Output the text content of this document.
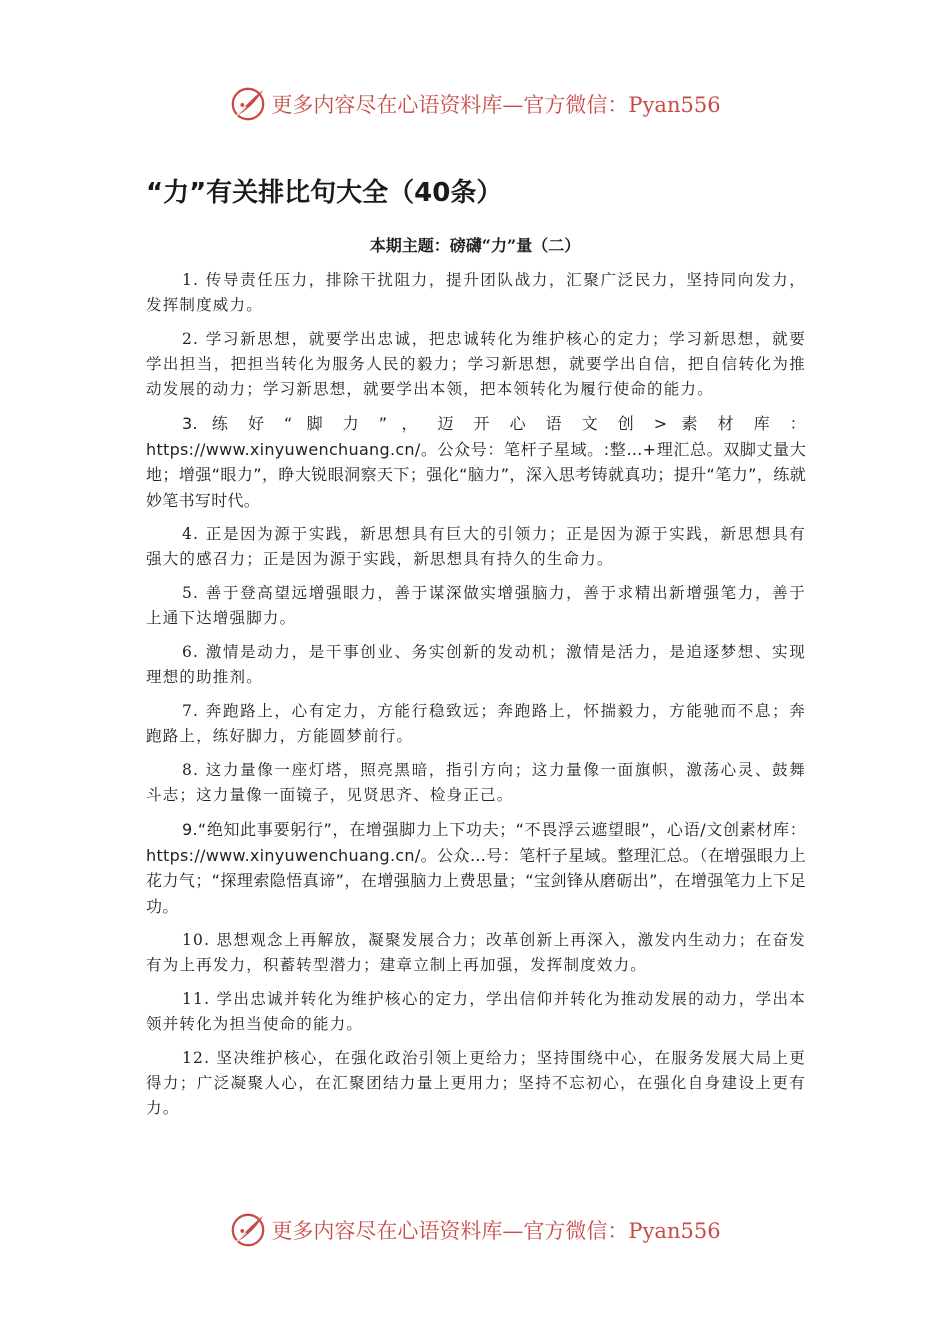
更多内容尽在心语资料库—官方微信：Pyan556
“力”有关排比句大全（40条）
本期主题：磅礴“力”量（二）

1. 传导责任压力，排除干扰阻力，提升团队战力，汇聚广泛民力，坚持同向发力，发挥制度威力。

2. 学习新思想，就要学出忠诚，把忠诚转化为维护核心的定力；学习新思想，就要学出担当，把担当转化为服务人民的毅力；学习新思想，就要学出自信，把自信转化为推动发展的动力；学习新思想，就要学出本领，把本领转化为履行使命的能力。

3. 练 好 “ 脚 力 ” ， 迈 开 心 语 文 创 > 素 材 库 ： https://www.xinyuwenchuang.cn/。公众号：笔杆子星域。:整…+理汇总。双脚丈量大地；增强“眼力”，睁大锐眼洞察天下；强化“脑力”，深入思考铸就真功；提升“笔力”，练就妙笔书写时代。

4. 正是因为源于实践，新思想具有巨大的引领力；正是因为源于实践，新思想具有强大的感召力；正是因为源于实践，新思想具有持久的生命力。

5. 善于登高望远增强眼力，善于谋深做实增强脑力，善于求精出新增强笔力，善于上通下达增强脚力。

6. 激情是动力，是干事创业、务实创新的发动机；激情是活力，是追逐梦想、实现理想的助推剂。

7. 奔跑路上，心有定力，方能行稳致远；奔跑路上，怀揣毅力，方能驰而不息；奔跑路上，练好脚力，方能圆梦前行。

8. 这力量像一座灯塔，照亮黑暗，指引方向；这力量像一面旗帜，激荡心灵、鼓舞斗志；这力量像一面镜子，见贤思齐、检身正己。

9.“绝知此事要躬行”，在增强脚力上下功夫；“不畏浮云遮望眼”，心语/文创素材库：https://www.xinyuwenchuang.cn/。公众…号：笔杆子星域。整理汇总。（在增强眼力上花力气；“探理索隐悟真谛”，在增强脑力上费思量；“宝剑锋从磨砺出”，在增强笔力上下足功。

10. 思想观念上再解放，凝聚发展合力；改革创新上再深入，激发内生动力；在奋发有为上再发力，积蓄转型潜力；建章立制上再加强，发挥制度效力。

11. 学出忠诚并转化为维护核心的定力，学出信仰并转化为推动发展的动力，学出本领并转化为担当使命的能力。

12. 坚决维护核心，在强化政治引领上更给力；坚持围绕中心，在服务发展大局上更得力；广泛凝聚人心，在汇聚团结力量上更用力；坚持不忘初心，在强化自身建设上更有力。

更多内容尽在心语资料库—官方微信：Pyan556
